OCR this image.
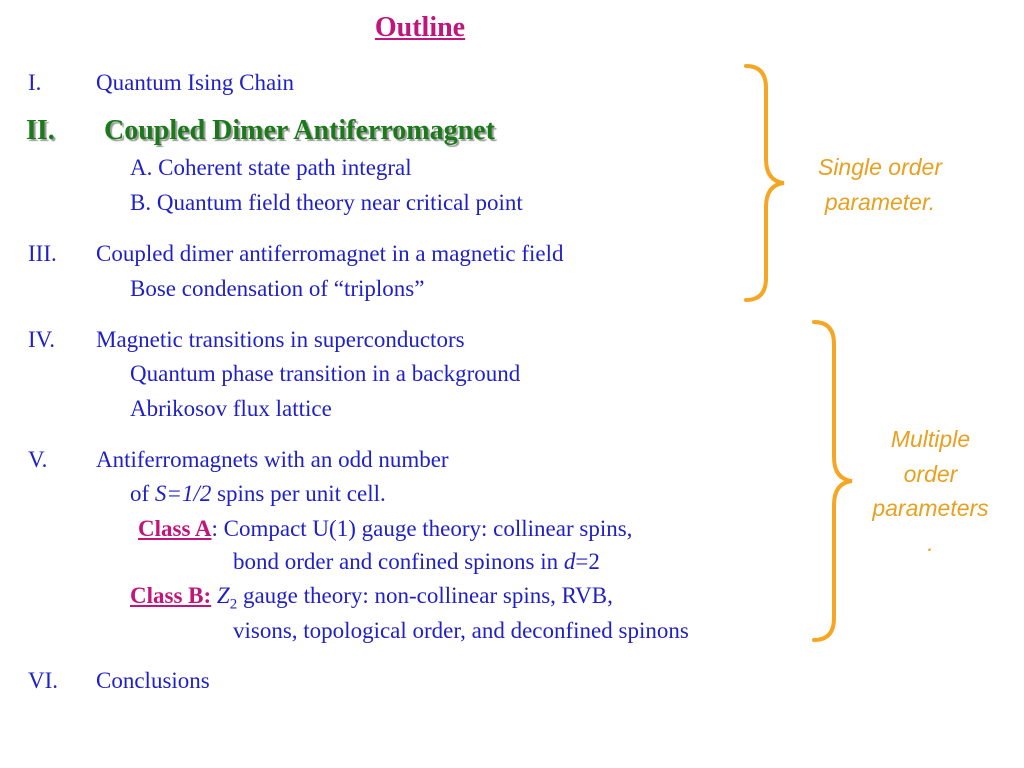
Outline
I. Quantum Ising Chain
II. Coupled Dimer Antiferromagnet
A. Coherent state path integral
B. Quantum field theory near critical point
III. Coupled dimer antiferromagnet in a magnetic field
Bose condensation of “triplons”
IV. Magnetic transitions in superconductors
Quantum phase transition in a background
Abrikosov flux lattice
V. Antiferromagnets with an odd number
of S=1/2 spins per unit cell.
Class A: Compact U(1) gauge theory: collinear spins,
bond order and confined spinons in d=2
Class B: $Z_2$ gauge theory: non-collinear spins, RVB,
visons, topological order, and deconfined spinons
VI. Conclusions
Single order
parameter.
Multiple
order
parameters
.
